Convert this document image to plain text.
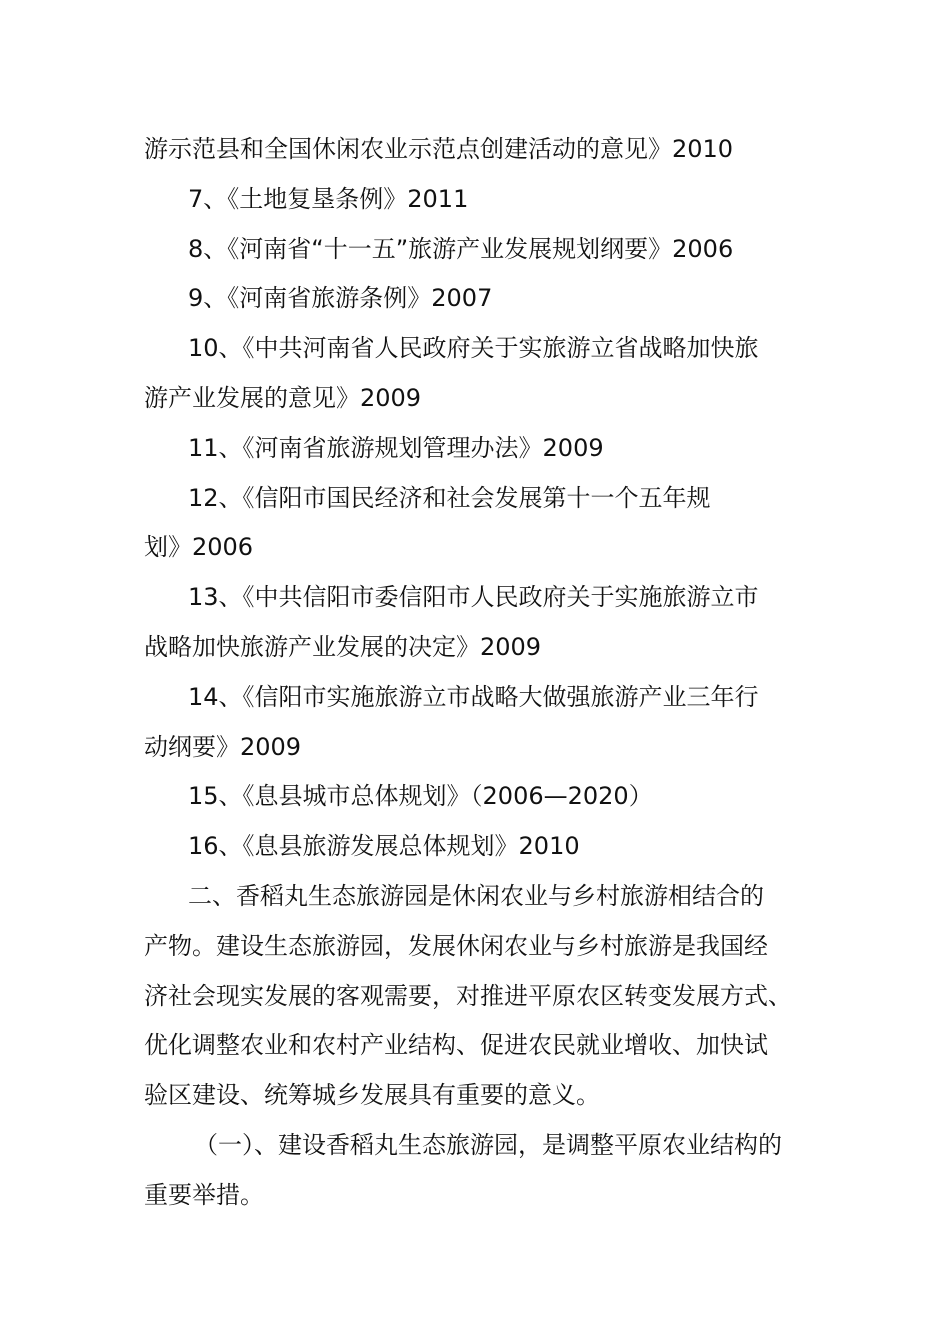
游示范县和全国休闲农业示范点创建活动的意见》2010
7、《土地复垦条例》2011
8、《河南省“十一五”旅游产业发展规划纲要》2006
9、《河南省旅游条例》2007
10、《中共河南省人民政府关于实旅游立省战略加快旅
游产业发展的意见》2009
11、《河南省旅游规划管理办法》2009
12、《信阳市国民经济和社会发展第十一个五年规
划》2006
13、《中共信阳市委信阳市人民政府关于实施旅游立市
战略加快旅游产业发展的决定》2009
14、《信阳市实施旅游立市战略大做强旅游产业三年行
动纲要》2009
15、《息县城市总体规划》（2006—2020）
16、《息县旅游发展总体规划》2010
二、香稻丸生态旅游园是休闲农业与乡村旅游相结合的
产物。建设生态旅游园，发展休闲农业与乡村旅游是我国经
济社会现实发展的客观需要，对推进平原农区转变发展方式、
优化调整农业和农村产业结构、促进农民就业增收、加快试
验区建设、统筹城乡发展具有重要的意义。
（一）、建设香稻丸生态旅游园，是调整平原农业结构的
重要举措。
